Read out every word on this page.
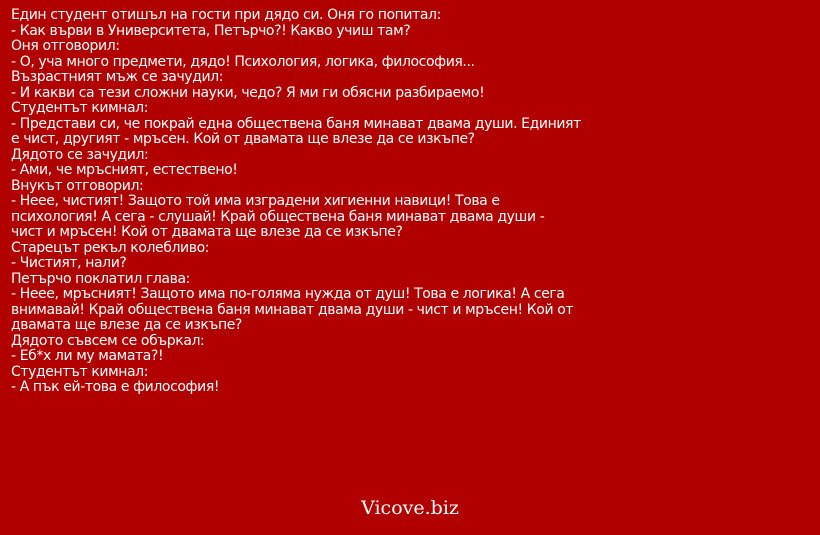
Един студент отишъл на гости при дядо си. Оня го попитал:
- Как върви в Университета, Петърчо?! Какво учиш там?
Оня отговорил:
- О, уча много предмети, дядо! Психология, логика, философия...
Възрастният мъж се зачудил:
- И какви са тези сложни науки, чедо? Я ми ги обясни разбираемо!
Студентът кимнал:
- Представи си, че покрай една обществена баня минават двама души. Единият
е чист, другият - мръсен. Кой от двамата ще влезе да се изкъпе?
Дядото се зачудил:
- Ами, че мръсният, естествено!
Внукът отговорил:
- Нееe, чистият! Защото той има изградени хигиенни навици! Това е
психология! А сега - слушай! Край обществена баня минават двама души -
чист и мръсен! Кой от двамата ще влезе да се изкъпе?
Старецът рекъл колебливо:
- Чистият, нали?
Петърчо поклатил глава:
- Нееe, мръсният! Защото има по-голяма нужда от душ! Това е логика! А сега
внимавай! Край обществена баня минават двама души - чист и мръсен! Кой от
двамата ще влезе да се изкъпе?
Дядото съвсем се объркал:
- Еб*х ли му мамата?!
Студентът кимнал:
- А пък ей-това е философия!
Vicove.biz
